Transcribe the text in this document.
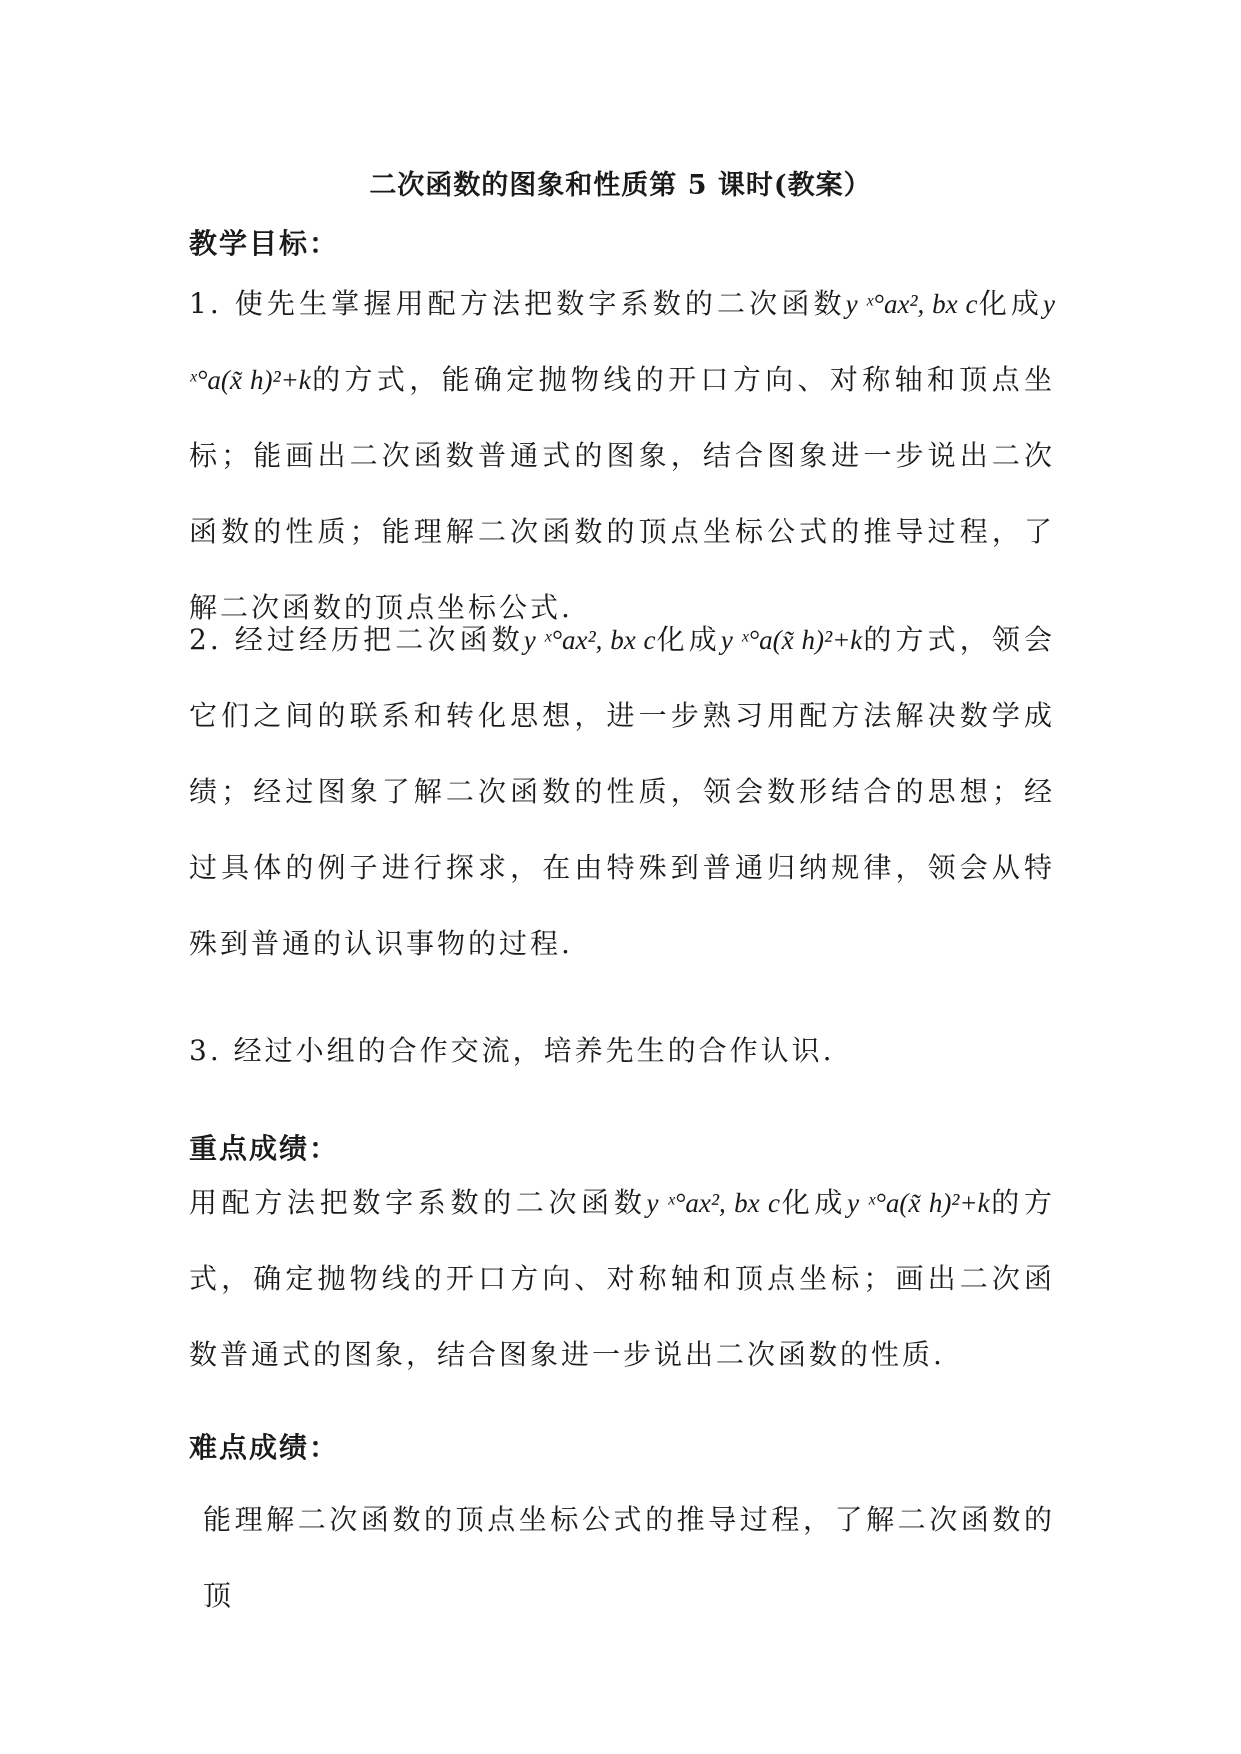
二次函数的图象和性质第 5 课时(教案）
教学目标：
1. 使先生掌握用配方法把数字系数的二次函数y ˣ°ax², bx c化成y ˣ°a(x̃ h)²+k的方式，能确定抛物线的开口方向、对称轴和顶点坐标；能画出二次函数普通式的图象，结合图象进一步说出二次函数的性质；能理解二次函数的顶点坐标公式的推导过程，了解二次函数的顶点坐标公式.
2. 经过经历把二次函数y ˣ°ax², bx c化成y ˣ°a(x̃ h)²+k的方式，领会它们之间的联系和转化思想，进一步熟习用配方法解决数学成绩；经过图象了解二次函数的性质，领会数形结合的思想；经过具体的例子进行探求，在由特殊到普通归纳规律，领会从特殊到普通的认识事物的过程.
3. 经过小组的合作交流，培养先生的合作认识.
重点成绩：
用配方法把数字系数的二次函数y ˣ°ax², bx c化成y ˣ°a(x̃ h)²+k的方式，确定抛物线的开口方向、对称轴和顶点坐标；画出二次函数普通式的图象，结合图象进一步说出二次函数的性质.
难点成绩：
能理解二次函数的顶点坐标公式的推导过程，了解二次函数的顶
